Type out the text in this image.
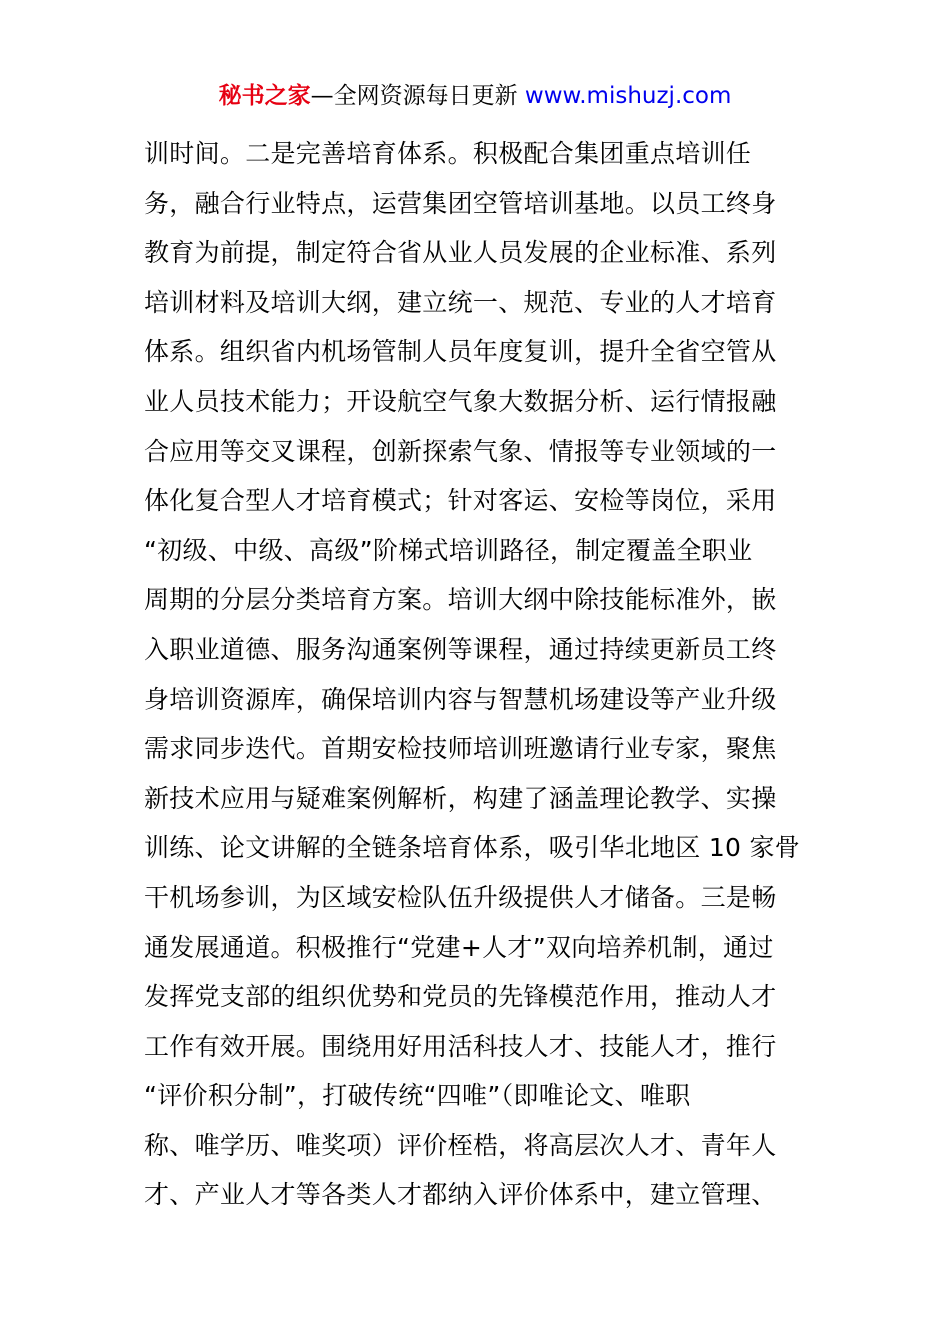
秘书之家—全网资源每日更新 www.mishuzj.com
训时间。二是完善培育体系。积极配合集团重点培训任
务，融合行业特点，运营集团空管培训基地。以员工终身
教育为前提，制定符合省从业人员发展的企业标准、系列
培训材料及培训大纲，建立统一、规范、专业的人才培育
体系。组织省内机场管制人员年度复训，提升全省空管从
业人员技术能力；开设航空气象大数据分析、运行情报融
合应用等交叉课程，创新探索气象、情报等专业领域的一
体化复合型人才培育模式；针对客运、安检等岗位，采用
“初级、中级、高级”阶梯式培训路径，制定覆盖全职业
周期的分层分类培育方案。培训大纲中除技能标准外，嵌
入职业道德、服务沟通案例等课程，通过持续更新员工终
身培训资源库，确保培训内容与智慧机场建设等产业升级
需求同步迭代。首期安检技师培训班邀请行业专家，聚焦
新技术应用与疑难案例解析，构建了涵盖理论教学、实操
训练、论文讲解的全链条培育体系，吸引华北地区 10 家骨
干机场参训，为区域安检队伍升级提供人才储备。三是畅
通发展通道。积极推行“党建+人才”双向培养机制，通过
发挥党支部的组织优势和党员的先锋模范作用，推动人才
工作有效开展。围绕用好用活科技人才、技能人才，推行
“评价积分制”，打破传统“四唯”（即唯论文、唯职
称、唯学历、唯奖项）评价桎梏，将高层次人才、青年人
才、产业人才等各类人才都纳入评价体系中，建立管理、
